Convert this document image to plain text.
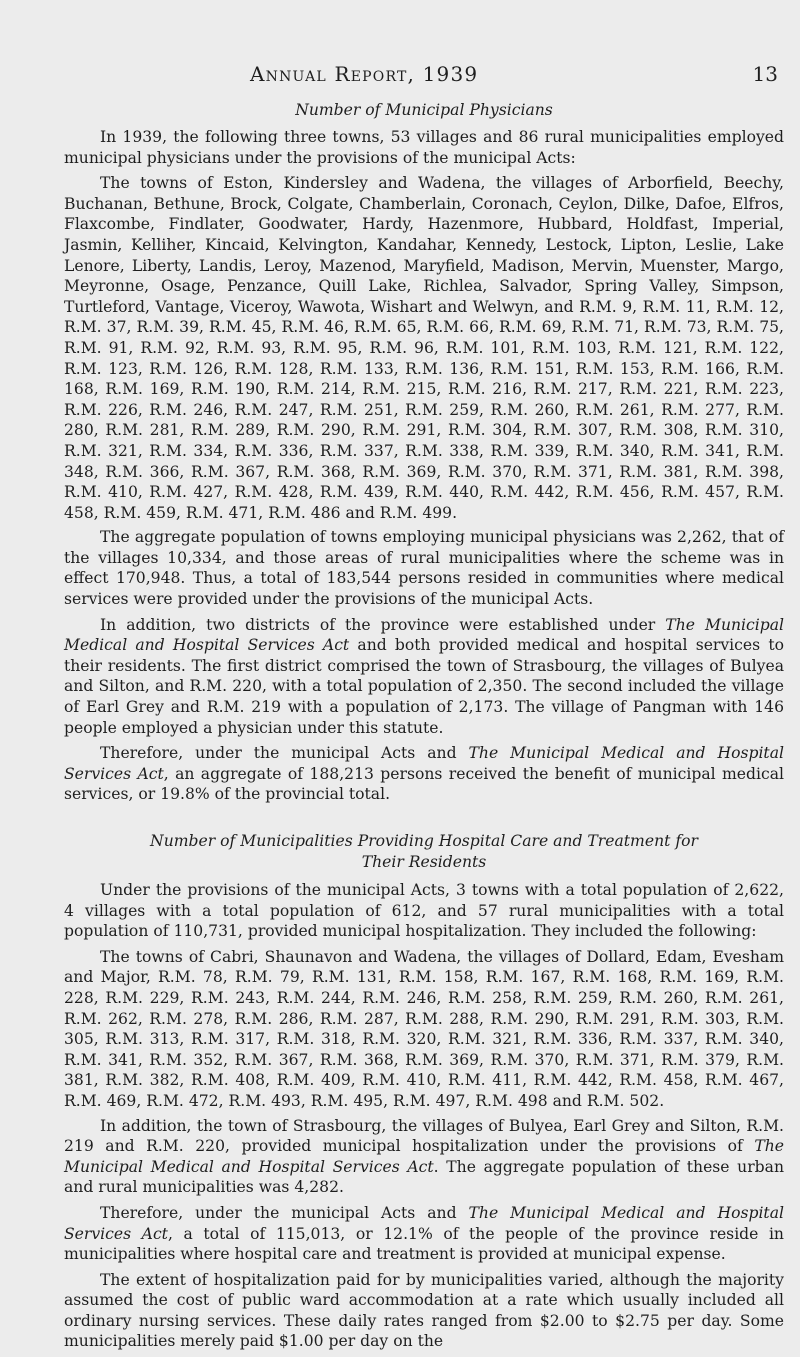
Annual Report, 1939	13
Number of Municipal Physicians

In 1939, the following three towns, 53 villages and 86 rural municipalities employed municipal physicians under the provisions of the municipal Acts:

The towns of Eston, Kindersley and Wadena, the villages of Arborfield, Beechy, Buchanan, Bethune, Brock, Colgate, Chamberlain, Coronach, Ceylon, Dilke, Dafoe, Elfros, Flaxcombe, Findlater, Goodwater, Hardy, Hazenmore, Hubbard, Holdfast, Imperial, Jasmin, Kelliher, Kincaid, Kelvington, Kandahar, Kennedy, Lestock, Lipton, Leslie, Lake Lenore, Liberty, Landis, Leroy, Mazenod, Maryfield, Madison, Mervin, Muenster, Margo, Meyronne, Osage, Penzance, Quill Lake, Richlea, Salvador, Spring Valley, Simpson, Turtleford, Vantage, Viceroy, Wawota, Wishart and Welwyn, and R.M. 9, R.M. 11, R.M. 12, R.M. 37, R.M. 39, R.M. 45, R.M. 46, R.M. 65, R.M. 66, R.M. 69, R.M. 71, R.M. 73, R.M. 75, R.M. 91, R.M. 92, R.M. 93, R.M. 95, R.M. 96, R.M. 101, R.M. 103, R.M. 121, R.M. 122, R.M. 123, R.M. 126, R.M. 128, R.M. 133, R.M. 136, R.M. 151, R.M. 153, R.M. 166, R.M. 168, R.M. 169, R.M. 190, R.M. 214, R.M. 215, R.M. 216, R.M. 217, R.M. 221, R.M. 223, R.M. 226, R.M. 246, R.M. 247, R.M. 251, R.M. 259, R.M. 260, R.M. 261, R.M. 277, R.M. 280, R.M. 281, R.M. 289, R.M. 290, R.M. 291, R.M. 304, R.M. 307, R.M. 308, R.M. 310, R.M. 321, R.M. 334, R.M. 336, R.M. 337, R.M. 338, R.M. 339, R.M. 340, R.M. 341, R.M. 348, R.M. 366, R.M. 367, R.M. 368, R.M. 369, R.M. 370, R.M. 371, R.M. 381, R.M. 398, R.M. 410, R.M. 427, R.M. 428, R.M. 439, R.M. 440, R.M. 442, R.M. 456, R.M. 457, R.M. 458, R.M. 459, R.M. 471, R.M. 486 and R.M. 499.

The aggregate population of towns employing municipal physicians was 2,262, that of the villages 10,334, and those areas of rural municipalities where the scheme was in effect 170,948. Thus, a total of 183,544 persons resided in communities where medical services were provided under the provisions of the municipal Acts.

In addition, two districts of the province were established under The Municipal Medical and Hospital Services Act and both provided medical and hospital services to their residents. The first district comprised the town of Strasbourg, the villages of Bulyea and Silton, and R.M. 220, with a total population of 2,350. The second included the village of Earl Grey and R.M. 219 with a population of 2,173. The village of Pangman with 146 people employed a physician under this statute.

Therefore, under the municipal Acts and The Municipal Medical and Hospital Services Act, an aggregate of 188,213 persons received the benefit of municipal medical services, or 19.8% of the provincial total.

Number of Municipalities Providing Hospital Care and Treatment for
Their Residents

Under the provisions of the municipal Acts, 3 towns with a total population of 2,622, 4 villages with a total population of 612, and 57 rural municipalities with a total population of 110,731, provided municipal hospitalization. They included the following:

The towns of Cabri, Shaunavon and Wadena, the villages of Dollard, Edam, Evesham and Major, R.M. 78, R.M. 79, R.M. 131, R.M. 158, R.M. 167, R.M. 168, R.M. 169, R.M. 228, R.M. 229, R.M. 243, R.M. 244, R.M. 246, R.M. 258, R.M. 259, R.M. 260, R.M. 261, R.M. 262, R.M. 278, R.M. 286, R.M. 287, R.M. 288, R.M. 290, R.M. 291, R.M. 303, R.M. 305, R.M. 313, R.M. 317, R.M. 318, R.M. 320, R.M. 321, R.M. 336, R.M. 337, R.M. 340, R.M. 341, R.M. 352, R.M. 367, R.M. 368, R.M. 369, R.M. 370, R.M. 371, R.M. 379, R.M. 381, R.M. 382, R.M. 408, R.M. 409, R.M. 410, R.M. 411, R.M. 442, R.M. 458, R.M. 467, R.M. 469, R.M. 472, R.M. 493, R.M. 495, R.M. 497, R.M. 498 and R.M. 502.

In addition, the town of Strasbourg, the villages of Bulyea, Earl Grey and Silton, R.M. 219 and R.M. 220, provided municipal hospitalization under the provisions of The Municipal Medical and Hospital Services Act. The aggregate population of these urban and rural municipalities was 4,282.

Therefore, under the municipal Acts and The Municipal Medical and Hospital Services Act, a total of 115,013, or 12.1% of the people of the province reside in municipalities where hospital care and treatment is provided at municipal expense.

The extent of hospitalization paid for by municipalities varied, although the majority assumed the cost of public ward accommodation at a rate which usually included all ordinary nursing services. These daily rates ranged from $2.00 to $2.75 per day. Some municipalities merely paid $1.00 per day on the
